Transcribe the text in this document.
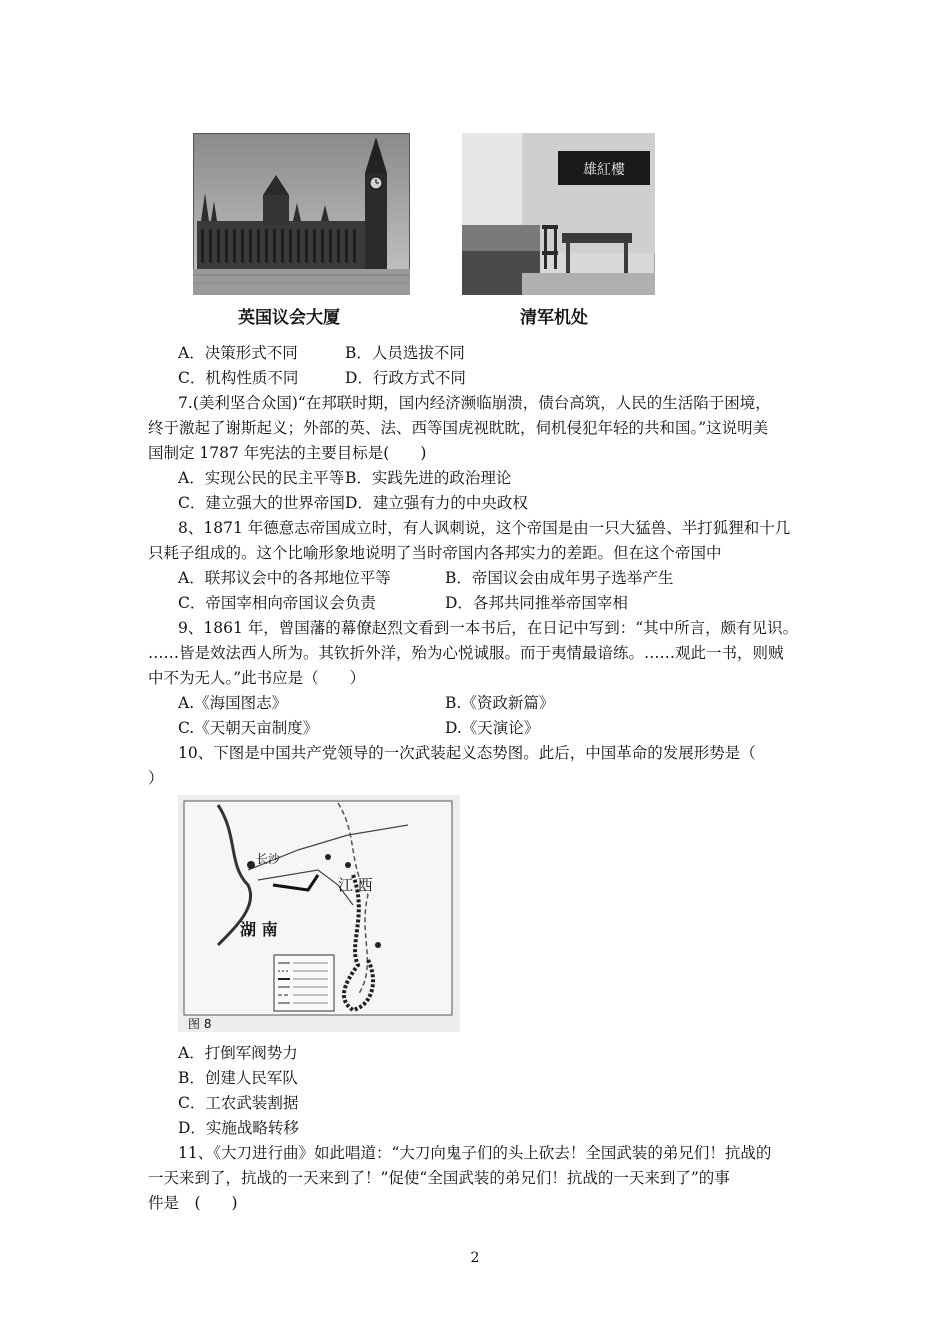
英国议会大厦
雄紅樓
清军机处
A．决策形式不同	B．人员选拔不同
C．机构性质不同	D．行政方式不同
7.(美利坚合众国)“在邦联时期，国内经济濒临崩溃，债台高筑，人民的生活陷于困境，
终于激起了谢斯起义；外部的英、法、西等国虎视眈眈，伺机侵犯年轻的共和国。”这说明美
国制定 1787 年宪法的主要目标是(　　)
A．实现公民的民主平等 B．实践先进的政治理论
C．建立强大的世界帝国 D．建立强有力的中央政权
8、1871 年德意志帝国成立时，有人讽刺说，这个帝国是由一只大猛兽、半打狐狸和十几
只耗子组成的。这个比喻形象地说明了当时帝国内各邦实力的差距。但在这个帝国中
A．联邦议会中的各邦地位平等	B．帝国议会由成年男子选举产生
C．帝国宰相向帝国议会负责	D．各邦共同推举帝国宰相
9、1861 年，曾国藩的幕僚赵烈文看到一本书后，在日记中写到：“其中所言，颇有见识。
……皆是效法西人所为。其钦折外洋，殆为心悦诚服。而于夷情最谙练。……观此一书，则贼
中不为无人。”此书应是（　　）
A.《海国图志》	B.《资政新篇》
C.《天朝天亩制度》	D.《天演论》
10、下图是中国共产党领导的一次武装起义态势图。此后，中国革命的发展形势是（
）
长沙
江 西
湖 南
图 8
A．打倒军阀势力
B．创建人民军队
C．工农武装割据
D．实施战略转移
11、《大刀进行曲》如此唱道：“大刀向鬼子们的头上砍去！全国武装的弟兄们！抗战的
一天来到了，抗战的一天来到了！”促使“全国武装的弟兄们！抗战的一天来到了”的事
件是　(　　)
2
